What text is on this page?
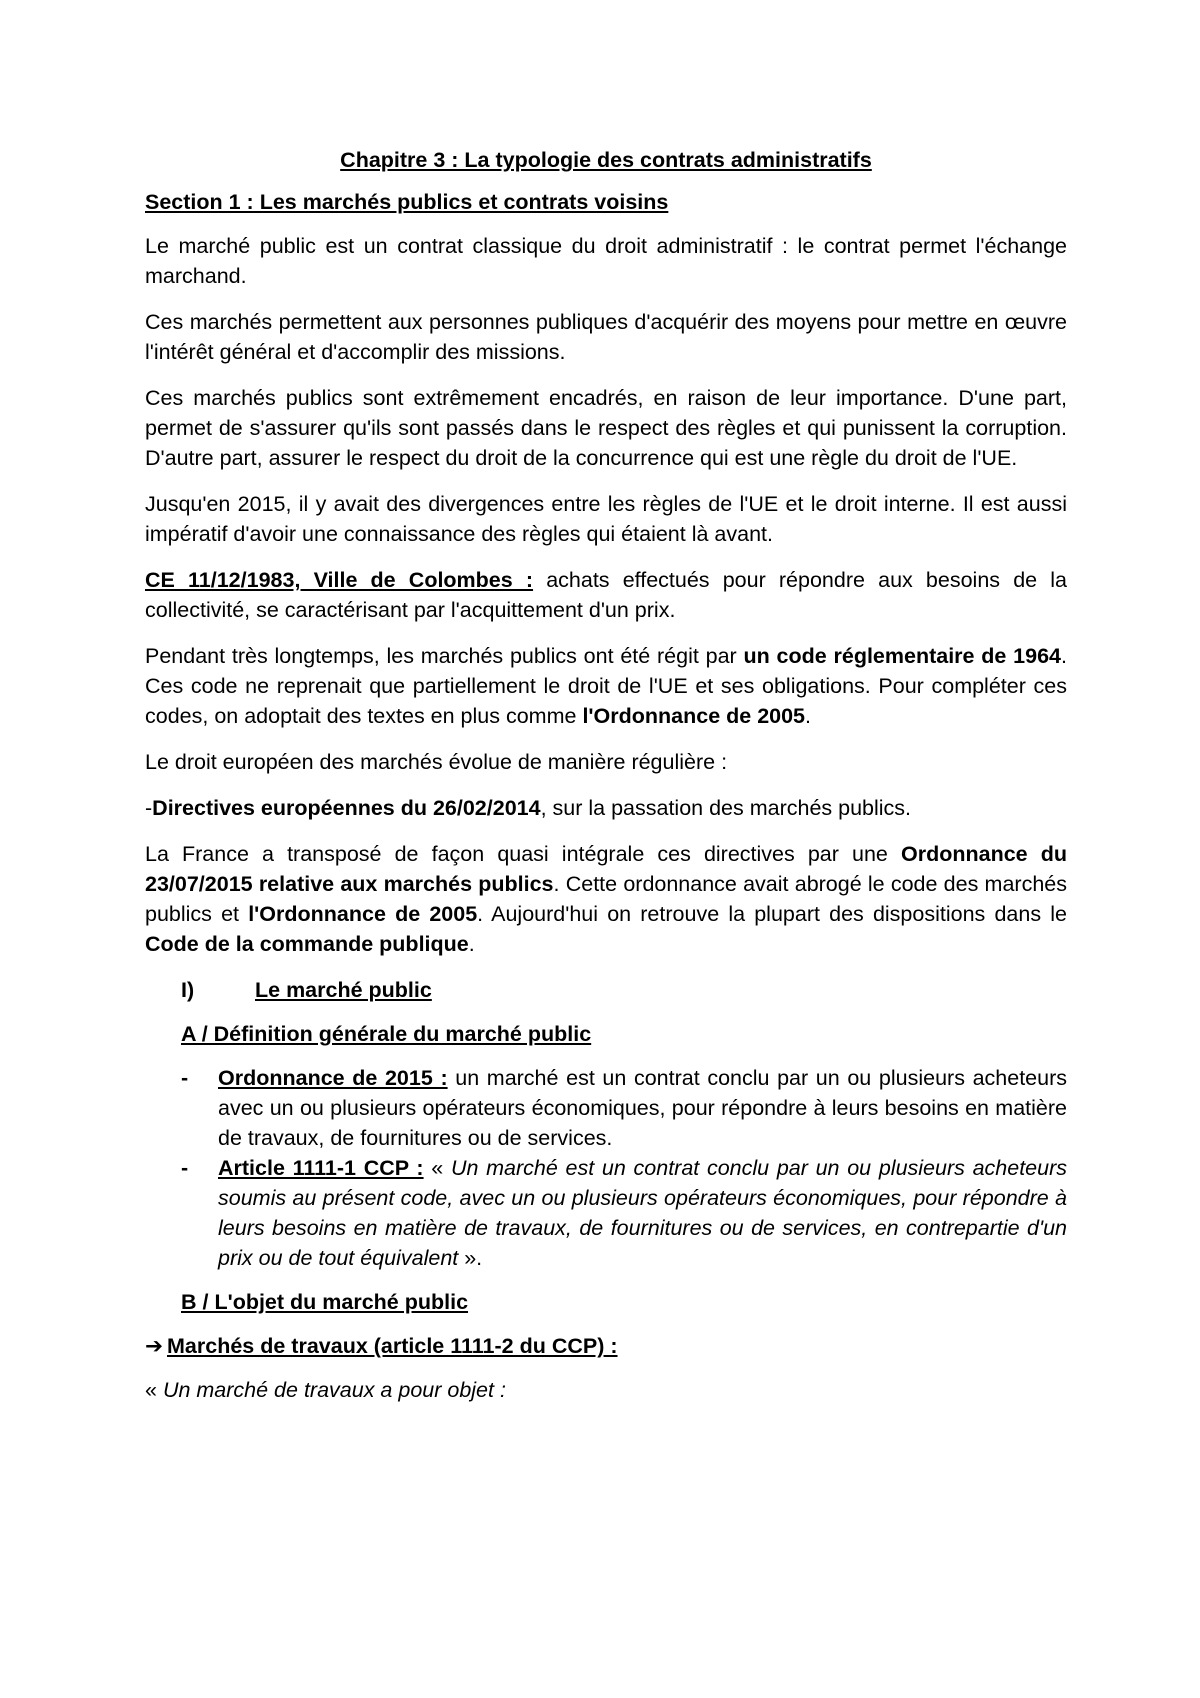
Chapitre 3 : La typologie des contrats administratifs

Section 1 : Les marchés publics et contrats voisins

Le marché public est un contrat classique du droit administratif : le contrat permet l'échange marchand.

Ces marchés permettent aux personnes publiques d'acquérir des moyens pour mettre en œuvre l'intérêt général et d'accomplir des missions.

Ces marchés publics sont extrêmement encadrés, en raison de leur importance. D'une part, permet de s'assurer qu'ils sont passés dans le respect des règles et qui punissent la corruption. D'autre part, assurer le respect du droit de la concurrence qui est une règle du droit de l'UE.

Jusqu'en 2015, il y avait des divergences entre les règles de l'UE et le droit interne. Il est aussi impératif d'avoir une connaissance des règles qui étaient là avant.

CE 11/12/1983, Ville de Colombes : achats effectués pour répondre aux besoins de la collectivité, se caractérisant par l'acquittement d'un prix.

Pendant très longtemps, les marchés publics ont été régit par un code réglementaire de 1964. Ces code ne reprenait que partiellement le droit de l'UE et ses obligations. Pour compléter ces codes, on adoptait des textes en plus comme l'Ordonnance de 2005.

Le droit européen des marchés évolue de manière régulière :

-Directives européennes du 26/02/2014, sur la passation des marchés publics.

La France a transposé de façon quasi intégrale ces directives par une Ordonnance du 23/07/2015 relative aux marchés publics. Cette ordonnance avait abrogé le code des marchés publics et l'Ordonnance de 2005. Aujourd'hui on retrouve la plupart des dispositions dans le Code de la commande publique.

I)	Le marché public

A / Définition générale du marché public

- Ordonnance de 2015 : un marché est un contrat conclu par un ou plusieurs acheteurs avec un ou plusieurs opérateurs économiques, pour répondre à leurs besoins en matière de travaux, de fournitures ou de services.
- Article 1111-1 CCP : « Un marché est un contrat conclu par un ou plusieurs acheteurs soumis au présent code, avec un ou plusieurs opérateurs économiques, pour répondre à leurs besoins en matière de travaux, de fournitures ou de services, en contrepartie d'un prix ou de tout équivalent ».

B / L'objet du marché public

➔ Marchés de travaux (article 1111-2 du CCP) :

« Un marché de travaux a pour objet :
